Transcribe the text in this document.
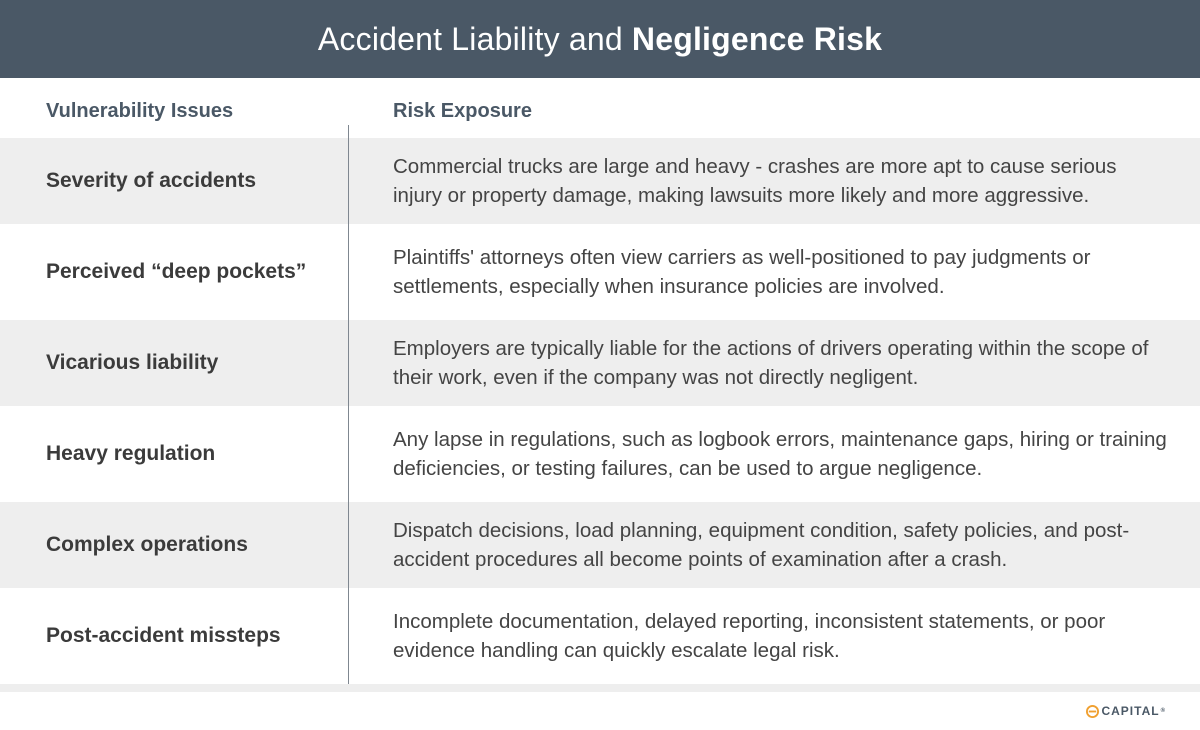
Accident Liability and Negligence Risk
Vulnerability Issues	Risk Exposure
Severity of accidents
Commercial trucks are large and heavy - crashes are more apt to cause serious injury or property damage, making lawsuits more likely and more aggressive.
Perceived “deep pockets”
Plaintiffs' attorneys often view carriers as well-positioned to pay judgments or settlements, especially when insurance policies are involved.
Vicarious liability
Employers are typically liable for the actions of drivers operating within the scope of their work, even if the company was not directly negligent.
Heavy regulation
Any lapse in regulations, such as logbook errors, maintenance gaps, hiring or training deficiencies, or testing failures, can be used to argue negligence.
Complex operations
Dispatch decisions, load planning, equipment condition, safety policies, and post-accident procedures all become points of examination after a crash.
Post-accident missteps
Incomplete documentation, delayed reporting, inconsistent statements, or poor evidence handling can quickly escalate legal risk.
CAPITAL ®
